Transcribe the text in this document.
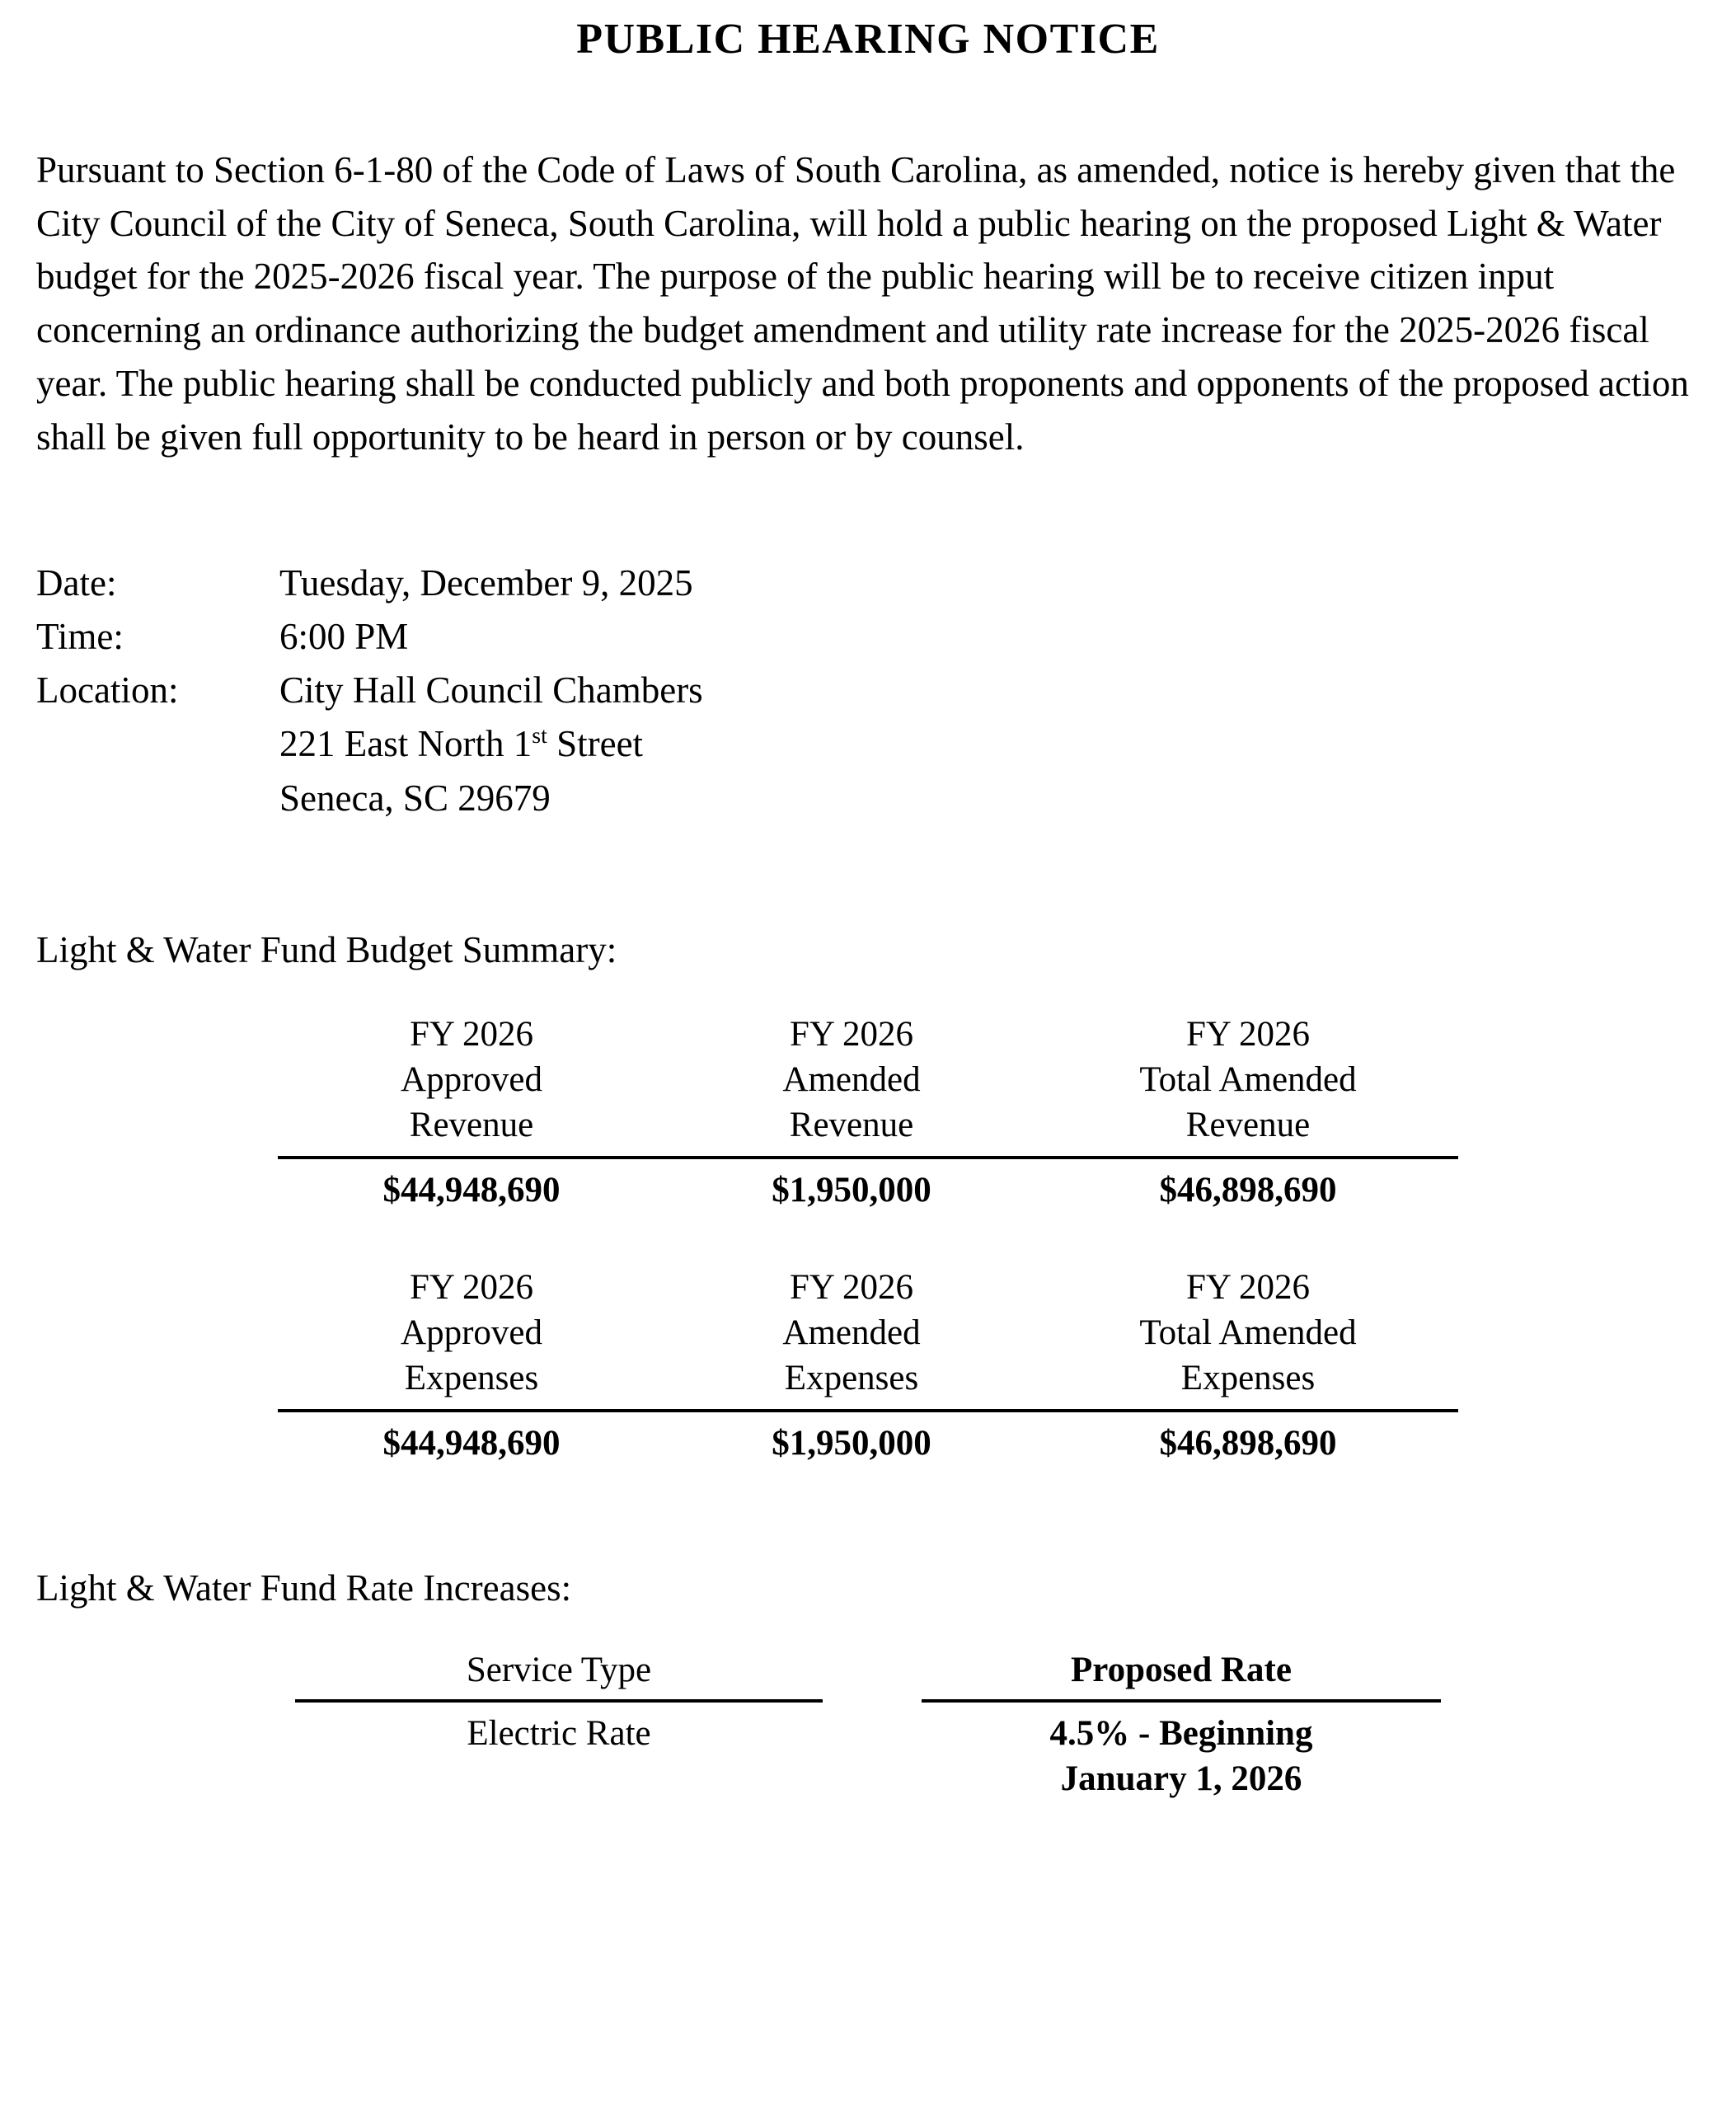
PUBLIC HEARING NOTICE

Pursuant to Section 6-1-80 of the Code of Laws of South Carolina, as amended, notice is hereby given that the City Council of the City of Seneca, South Carolina, will hold a public hearing on the proposed Light & Water budget for the 2025-2026 fiscal year. The purpose of the public hearing will be to receive citizen input concerning an ordinance authorizing the budget amendment and utility rate increase for the 2025-2026 fiscal year. The public hearing shall be conducted publicly and both proponents and opponents of the proposed action shall be given full opportunity to be heard in person or by counsel.

Date:	Tuesday, December 9, 2025
Time:	6:00 PM
Location:	City Hall Council Chambers
221 East North 1st Street
Seneca, SC 29679
Light & Water Fund Budget Summary:
FY 2026
Approved
Revenue	FY 2026
Amended
Revenue	FY 2026
Total Amended
Revenue

$44,948,690	$1,950,000	$46,898,690
FY 2026
Approved
Expenses	FY 2026
Amended
Expenses	FY 2026
Total Amended
Expenses

$44,948,690	$1,950,000	$46,898,690
Light & Water Fund Rate Increases:
Service Type		Proposed Rate

Electric Rate		4.5% - Beginning
January 1, 2026
